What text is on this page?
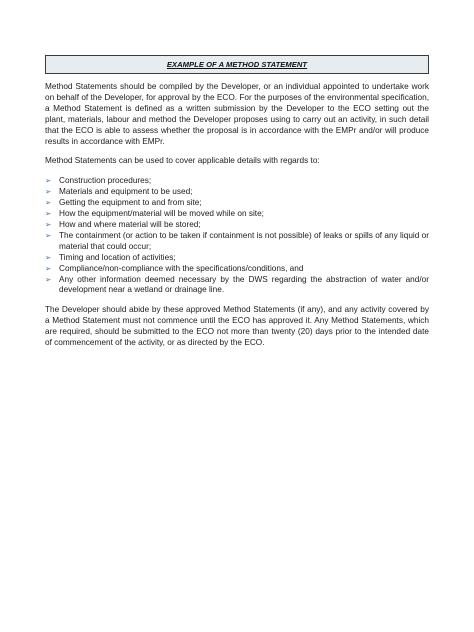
EXAMPLE OF A METHOD STATEMENT

Method Statements should be compiled by the Developer, or an individual appointed to undertake work on behalf of the Developer, for approval by the ECO. For the purposes of the environmental specification, a Method Statement is defined as a written submission by the Developer to the ECO setting out the plant, materials, labour and method the Developer proposes using to carry out an activity, in such detail that the ECO is able to assess whether the proposal is in accordance with the EMPr and/or will produce results in accordance with EMPr.

Method Statements can be used to cover applicable details with regards to:

➢ Construction procedures;
➢ Materials and equipment to be used;
➢ Getting the equipment to and from site;
➢ How the equipment/material will be moved while on site;
➢ How and where material will be stored;
➢ The containment (or action to be taken if containment is not possible) of leaks or spills of any liquid or material that could occur;
➢ Timing and location of activities;
➢ Compliance/non-compliance with the specifications/conditions, and
➢ Any other information deemed necessary by the DWS regarding the abstraction of water and/or development near a wetland or drainage line.

The Developer should abide by these approved Method Statements (if any), and any activity covered by a Method Statement must not commence until the ECO has approved it. Any Method Statements, which are required, should be submitted to the ECO not more than twenty (20) days prior to the intended date of commencement of the activity, or as directed by the ECO.
